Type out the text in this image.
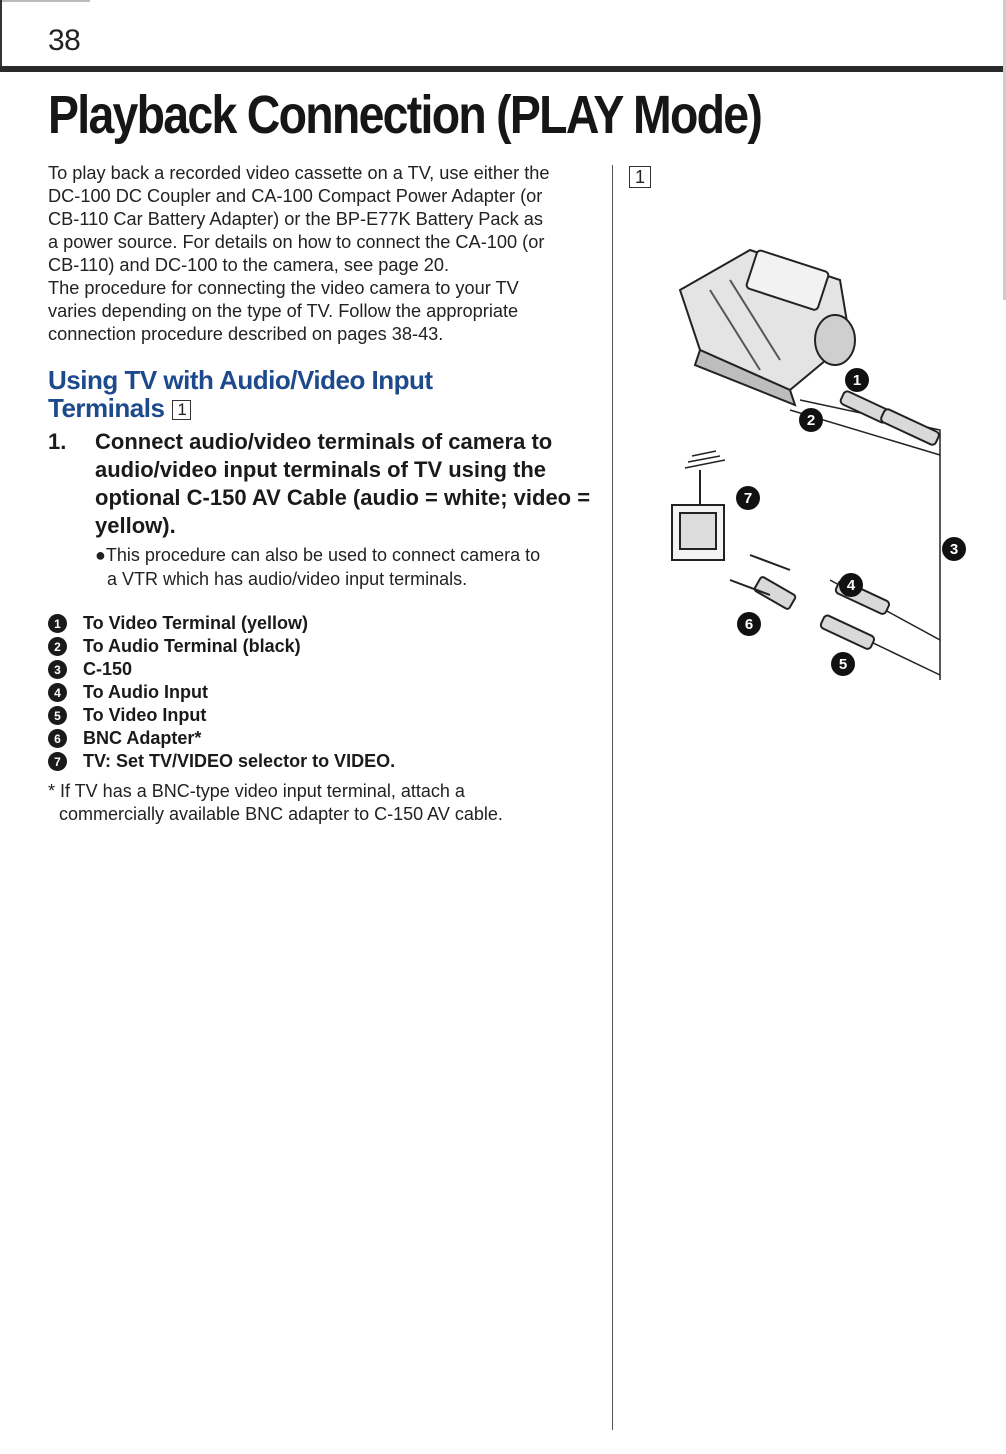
38
Playback Connection (PLAY Mode)

To play back a recorded video cassette on a TV, use either the

DC-100 DC Coupler and CA-100 Compact Power Adapter (or

CB-110 Car Battery Adapter) or the BP-E77K Battery Pack as

a power source. For details on how to connect the CA-100 (or

CB-110) and DC-100 to the camera, see page 20.

The procedure for connecting the video camera to your TV

varies depending on the type of TV. Follow the appropriate

connection procedure described on pages 38-43.

Using TV with Audio/Video Input
Terminals 1
1. Connect audio/video terminals of camera to audio/video input terminals of TV using the optional C-150 AV Cable (audio = white; video = yellow).
●This procedure can also be used to connect camera to
a VTR which has audio/video input terminals.
1	To Video Terminal (yellow)
2	To Audio Terminal (black)
3	C-150
4	To Audio Input
5	To Video Input
6	BNC Adapter*
7	TV: Set TV/VIDEO selector to VIDEO.
* If TV has a BNC-type video input terminal, attach a
commercially available BNC adapter to C-150 AV cable.
1
1
2
7
3
4
6
5
